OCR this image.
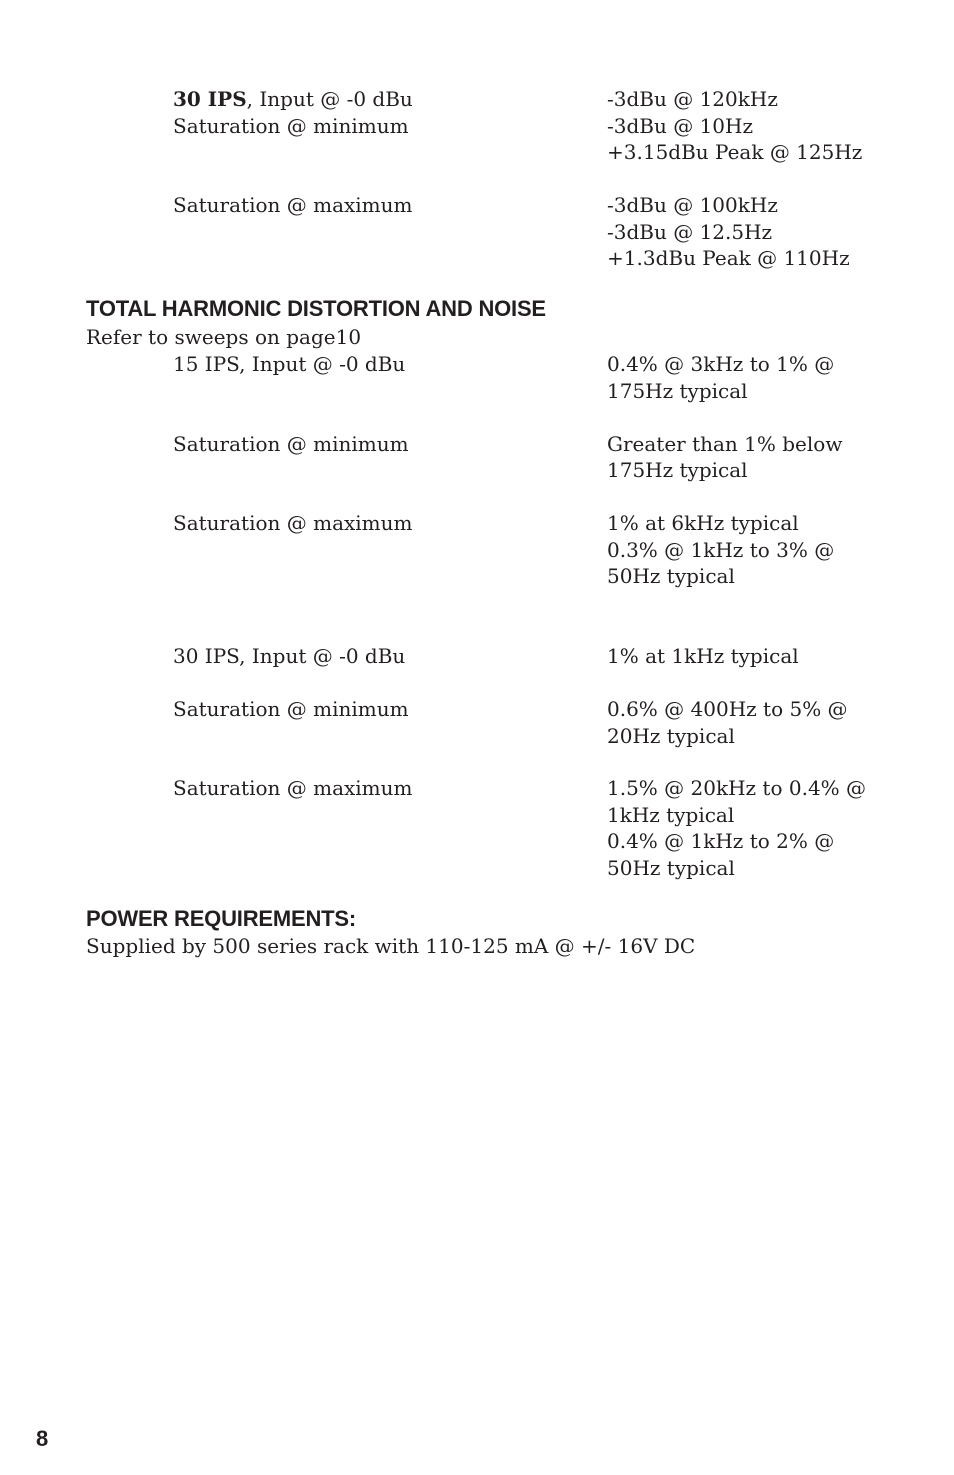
30 IPS, Input @ -0 dBu	-3dBu @ 120kHz
Saturation @ minimum	-3dBu @ 10Hz
+3.15dBu Peak @ 125Hz
Saturation @ maximum	-3dBu @ 100kHz
-3dBu @ 12.5Hz
+1.3dBu Peak @ 110Hz
TOTAL HARMONIC DISTORTION AND NOISE
Refer to sweeps on page10
15 IPS, Input @ -0 dBu	0.4% @ 3kHz to 1% @
175Hz typical
Saturation @ minimum	Greater than 1% below
175Hz typical
Saturation @ maximum	1% at 6kHz typical
0.3% @ 1kHz to 3% @
50Hz typical
30 IPS, Input @ -0 dBu	1% at 1kHz typical
Saturation @ minimum	0.6% @ 400Hz to 5% @
20Hz typical
Saturation @ maximum	1.5% @ 20kHz to 0.4% @
1kHz typical
0.4% @ 1kHz to 2% @
50Hz typical
POWER REQUIREMENTS:
Supplied by 500 series rack with 110-125 mA @ +/- 16V DC
8
